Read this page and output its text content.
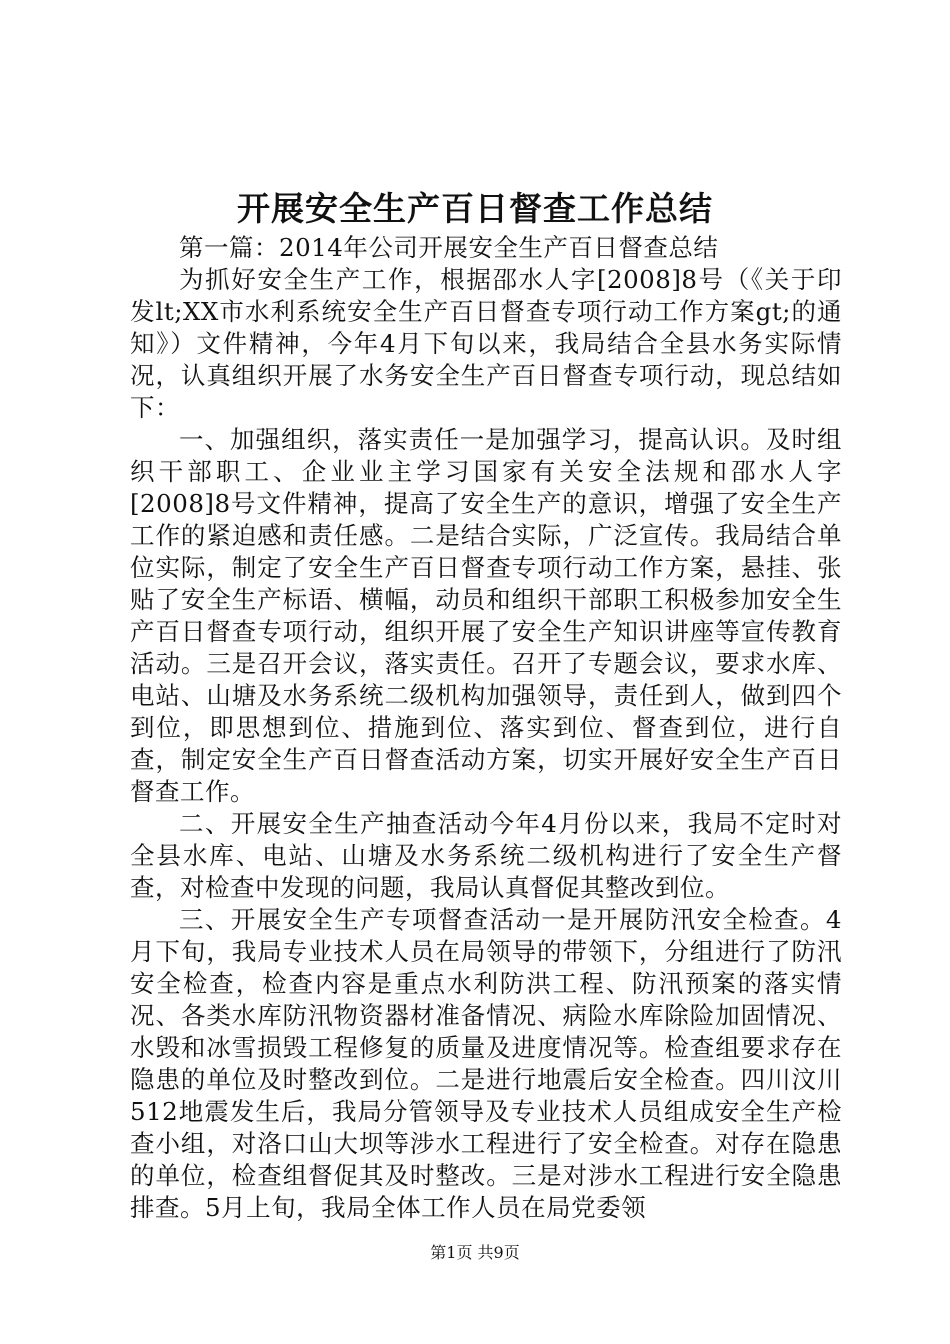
开展安全生产百日督查工作总结

第一篇：2014年公司开展安全生产百日督查总结

为抓好安全生产工作，根据邵水人字[2008]8号（《关于印发lt;XX市水利系统安全生产百日督查专项行动工作方案gt;的通知》）文件精神，今年4月下旬以来，我局结合全县水务实际情况，认真组织开展了水务安全生产百日督查专项行动，现总结如下：

一、加强组织，落实责任一是加强学习，提高认识。及时组织干部职工、企业业主学习国家有关安全法规和邵水人字[2008]8号文件精神，提高了安全生产的意识，增强了安全生产工作的紧迫感和责任感。二是结合实际，广泛宣传。我局结合单位实际，制定了安全生产百日督查专项行动工作方案，悬挂、张贴了安全生产标语、横幅，动员和组织干部职工积极参加安全生产百日督查专项行动，组织开展了安全生产知识讲座等宣传教育活动。三是召开会议，落实责任。召开了专题会议，要求水库、电站、山塘及水务系统二级机构加强领导，责任到人，做到四个到位，即思想到位、措施到位、落实到位、督查到位，进行自查，制定安全生产百日督查活动方案，切实开展好安全生产百日督查工作。

二、开展安全生产抽查活动今年4月份以来，我局不定时对全县水库、电站、山塘及水务系统二级机构进行了安全生产督查，对检查中发现的问题，我局认真督促其整改到位。

三、开展安全生产专项督查活动一是开展防汛安全检查。4月下旬，我局专业技术人员在局领导的带领下，分组进行了防汛安全检查，检查内容是重点水利防洪工程、防汛预案的落实情况、各类水库防汛物资器材准备情况、病险水库除险加固情况、水毁和冰雪损毁工程修复的质量及进度情况等。检查组要求存在隐患的单位及时整改到位。二是进行地震后安全检查。四川汶川512地震发生后，我局分管领导及专业技术人员组成安全生产检查小组，对洛口山大坝等涉水工程进行了安全检查。对存在隐患的单位，检查组督促其及时整改。三是对涉水工程进行安全隐患排查。5月上旬，我局全体工作人员在局党委领

第1页 共9页
